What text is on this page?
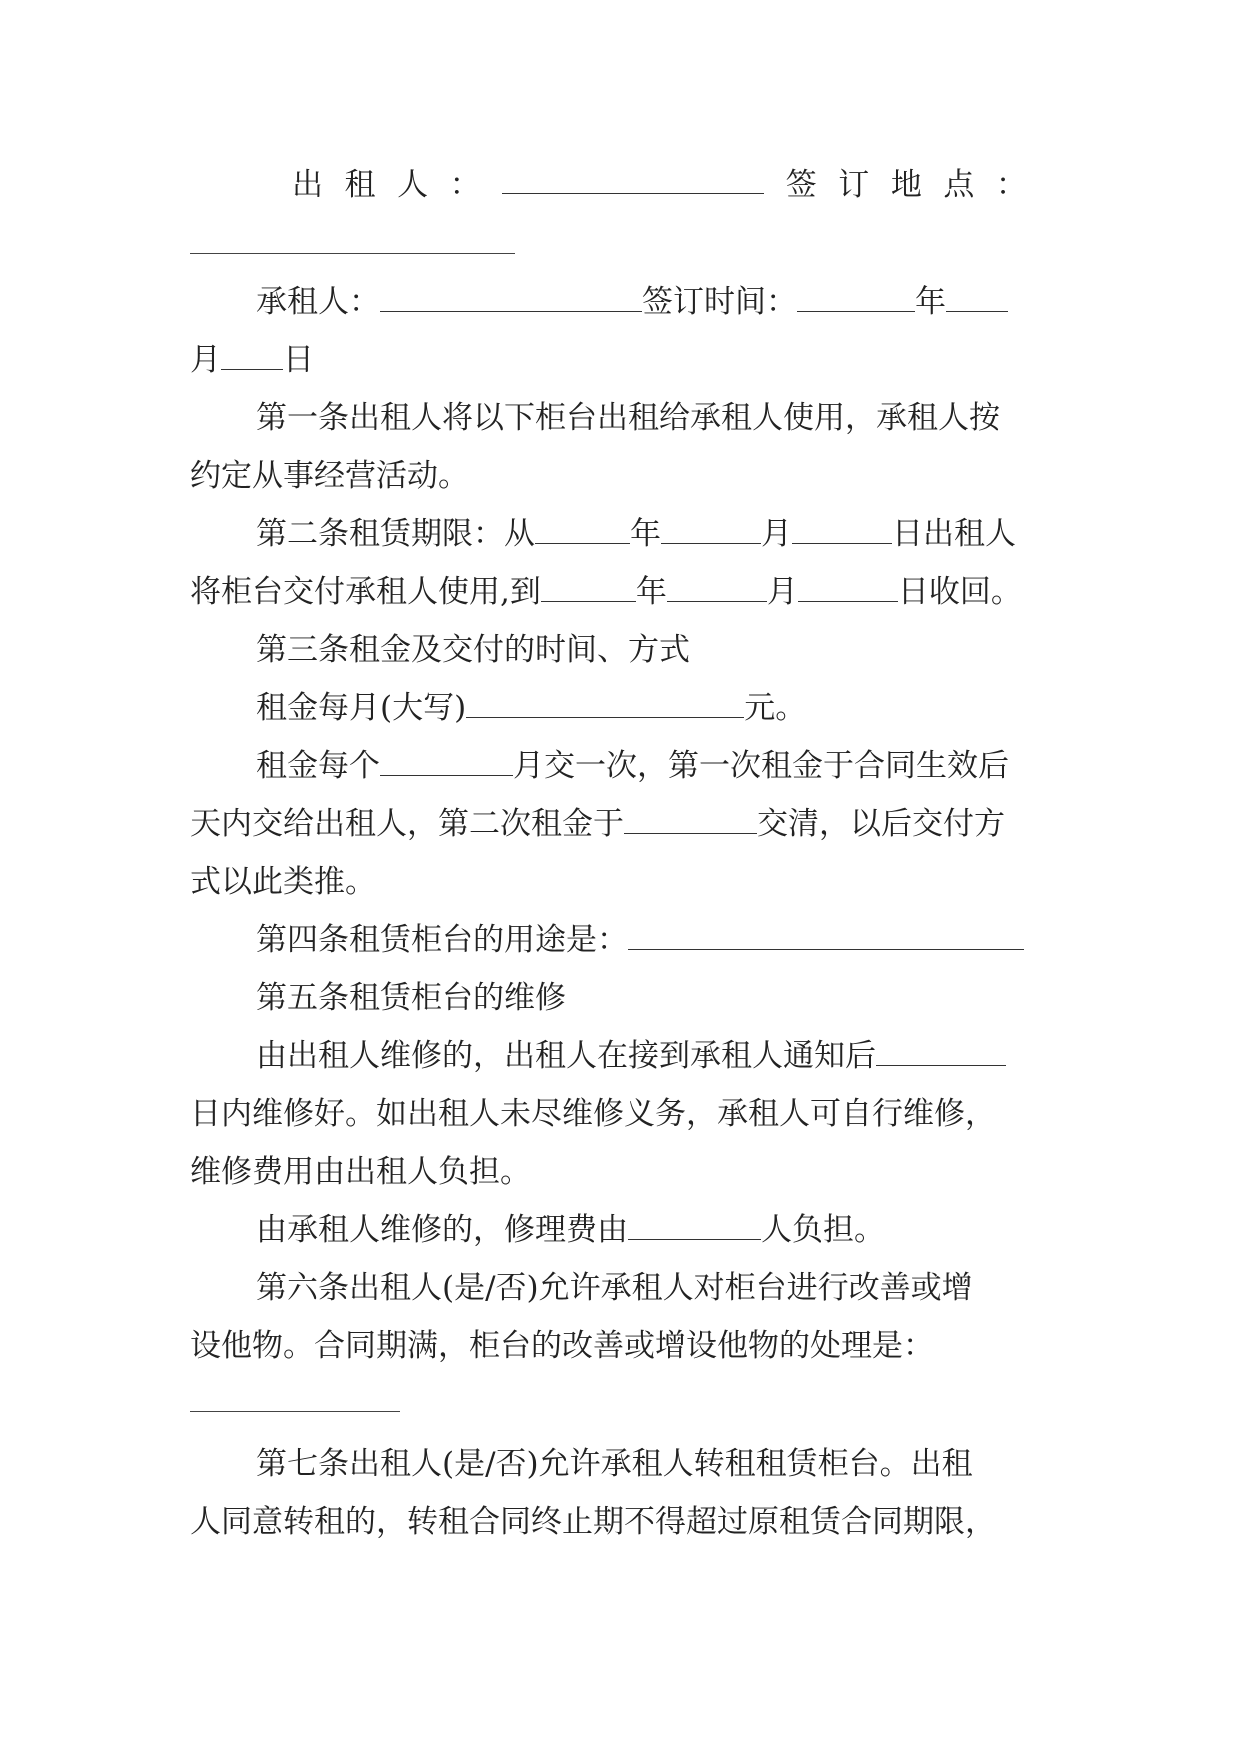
出 租 人 ：	签 订 地 点 ：
承租人：	签订时间：	年
月 日
第一条出租人将以下柜台出租给承租人使用，承租人按
约定从事经营活动。
第二条租赁期限：从	年	月	日出租人
将柜台交付承租人使用,到	年	月	日收回。
第三条租金及交付的时间、方式
租金每月(大写)	元。
租金每个	月交一次，第一次租金于合同生效后
天内交给出租人，第二次租金于	交清，以后交付方
式以此类推。
第四条租赁柜台的用途是：
第五条租赁柜台的维修
由出租人维修的，出租人在接到承租人通知后
日内维修好。如出租人未尽维修义务，承租人可自行维修，
维修费用由出租人负担。
由承租人维修的，修理费由	人负担。
第六条出租人(是/否)允许承租人对柜台进行改善或增
设他物。合同期满，柜台的改善或增设他物的处理是：
第七条出租人(是/否)允许承租人转租租赁柜台。出租
人同意转租的，转租合同终止期不得超过原租赁合同期限，
